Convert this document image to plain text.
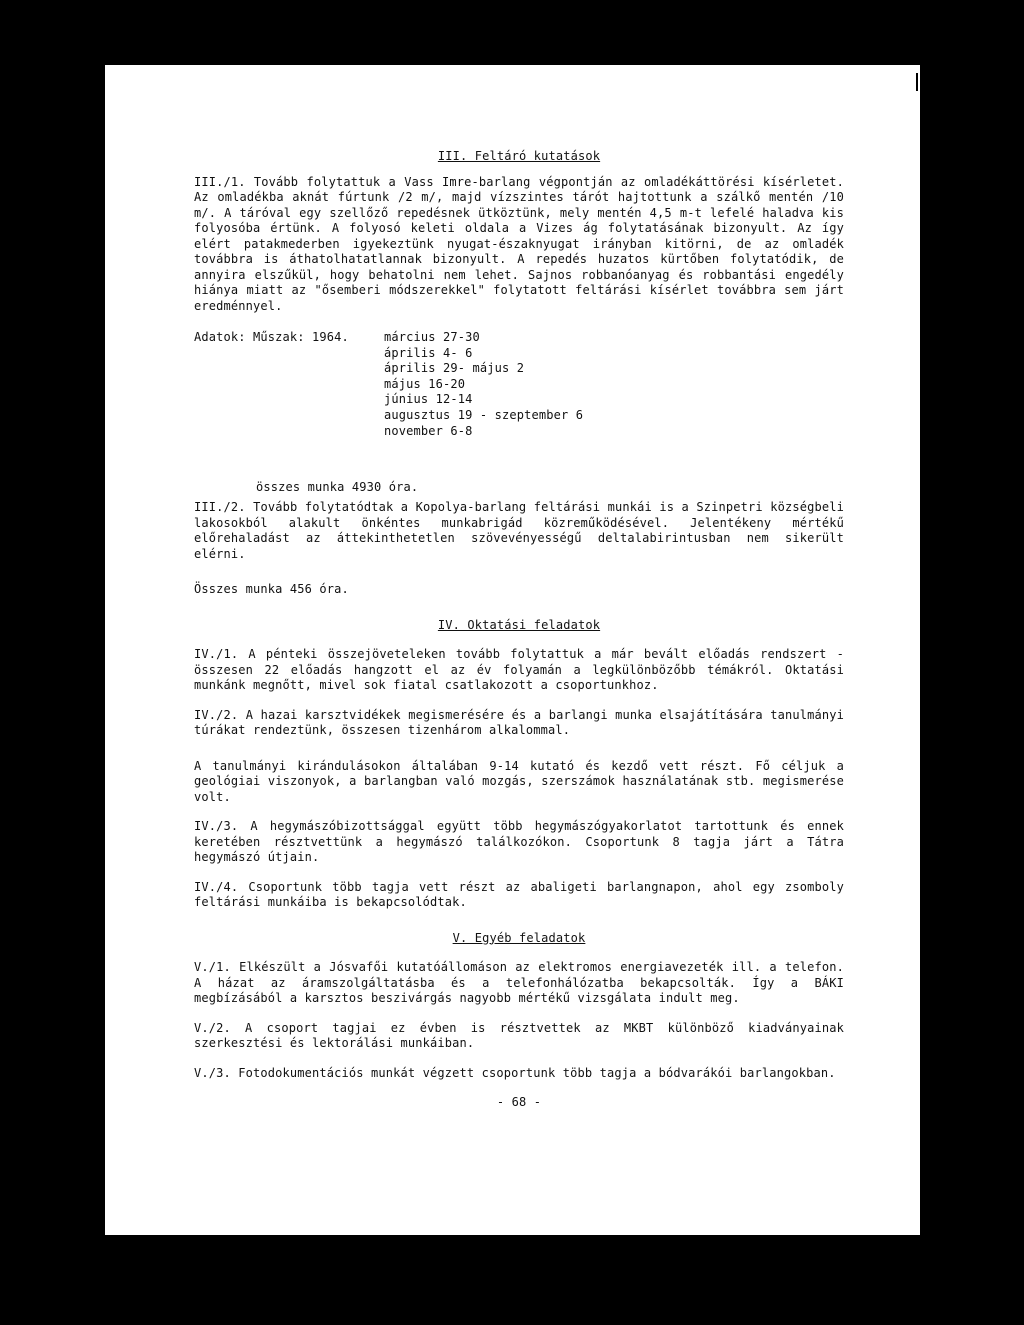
III. Feltáró kutatások

III./1. Tovább folytattuk a Vass Imre-barlang végpontján az omladékáttörési kísérletet. Az omladékba aknát fúrtunk /2 m/, majd vízszintes tárót hajtottunk a szálkő mentén /10 m/. A táróval egy szellőző repedésnek ütköztünk, mely mentén 4,5 m-t lefelé haladva kis folyosóba értünk. A folyosó keleti oldala a Vizes ág folytatásának bizonyult. Az így elért patakmederben igyekeztünk nyugat-északnyugat irányban kitörni, de az omladék továbbra is áthatolhatatlannak bizonyult. A repedés huzatos kürtőben folytatódik, de annyira elszűkül, hogy behatolni nem lehet. Sajnos robbanóanyag és robbantási engedély hiánya miatt az "ősemberi módszerekkel" folytatott feltárási kísérlet továbbra sem járt eredménnyel.

Adatok: Műszak: 1964.	március 27-30
április 4- 6
április 29- május 2
május 16-20
június 12-14
augusztus 19 - szeptember 6
november 6-8
összes munka 4930 óra.

III./2. Tovább folytatódtak a Kopolya-barlang feltárási munkái is a Szinpetri községbeli lakosokból alakult önkéntes munkabrigád közreműködésével. Jelentékeny mértékű előrehaladást az áttekinthetetlen szövevényességű deltalabirintusban nem sikerült elérni.

Összes munka 456 óra.

IV. Oktatási feladatok

IV./1. A pénteki összejöveteleken tovább folytattuk a már bevált előadás rendszert - összesen 22 előadás hangzott el az év folyamán a legkülönbözőbb témákról. Oktatási munkánk megnőtt, mivel sok fiatal csatlakozott a csoportunkhoz.

IV./2. A hazai karsztvidékek megismerésére és a barlangi munka elsajátítására tanulmányi túrákat rendeztünk, összesen tizenhárom alkalommal.

A tanulmányi kirándulásokon általában 9-14 kutató és kezdő vett részt. Fő céljuk a geológiai viszonyok, a barlangban való mozgás, szerszámok használatának stb. megismerése volt.

IV./3. A hegymászóbizottsággal együtt több hegymászógyakorlatot tartottunk és ennek keretében résztvettünk a hegymászó találkozókon. Csoportunk 8 tagja járt a Tátra hegymászó útjain.

IV./4. Csoportunk több tagja vett részt az abaligeti barlangnapon, ahol egy zsomboly feltárási munkáiba is bekapcsolódtak.

V. Egyéb feladatok

V./1. Elkészült a Jósvafői kutatóállomáson az elektromos energiavezeték ill. a telefon. A házat az áramszolgáltatásba és a telefonhálózatba bekapcsolták. Így a BÁKI megbízásából a karsztos beszivárgás nagyobb mértékű vizsgálata indult meg.

V./2. A csoport tagjai ez évben is résztvettek az MKBT különböző kiadványainak szerkesztési és lektorálási munkáiban.

V./3. Fotodokumentációs munkát végzett csoportunk több tagja a bódvarákói barlangokban.

- 68 -
